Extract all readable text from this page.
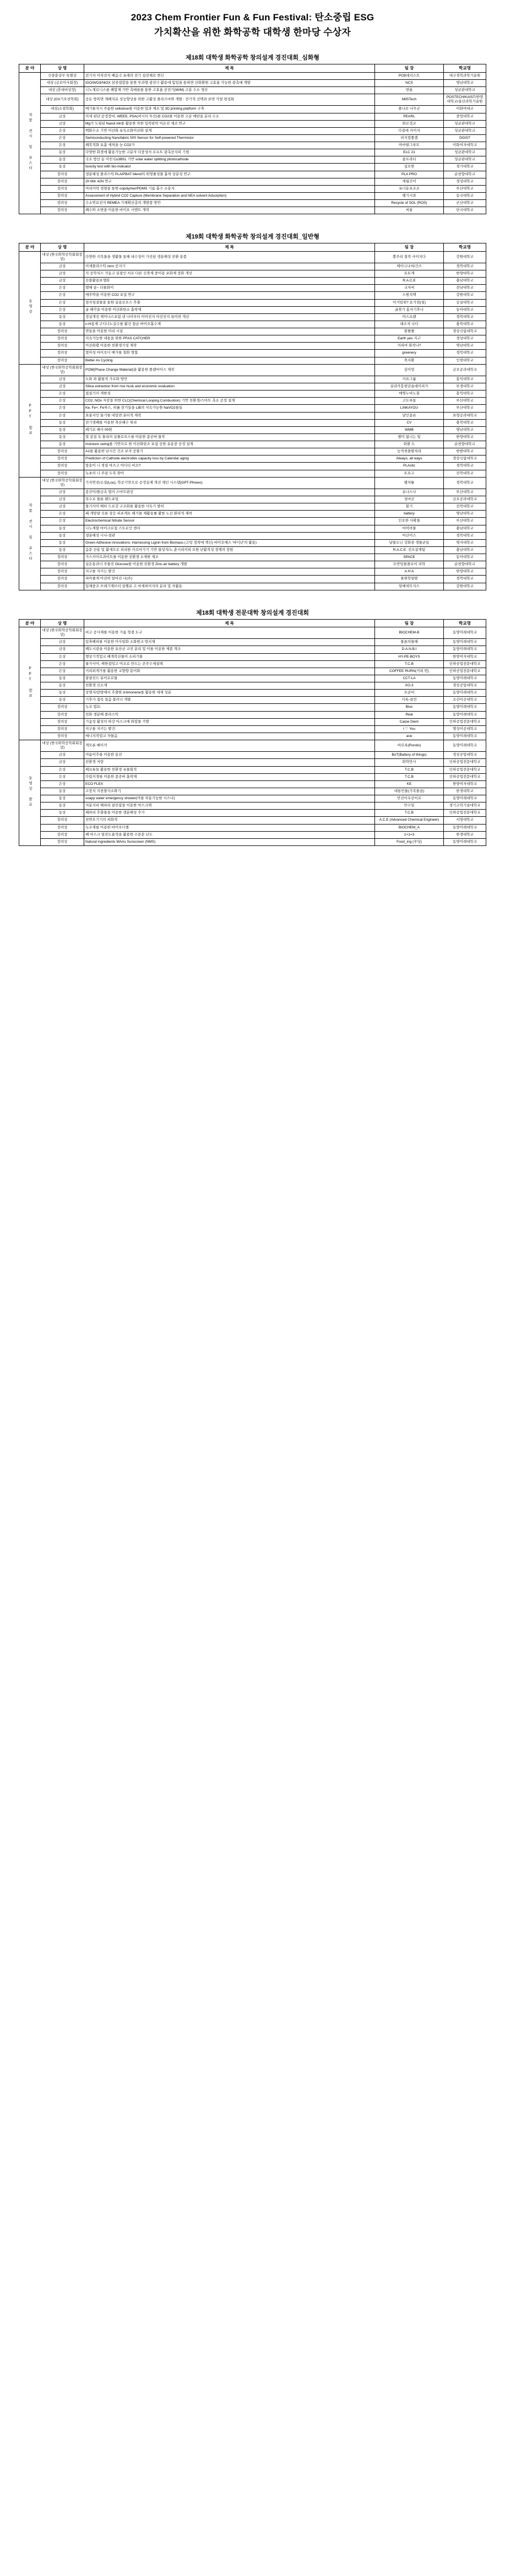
2023 Chem Frontier Fun & Fun Festival: 탄소중립 ESG
가치확산을 위한 화학공학 대학생 한마당 수상자
제18회 대학생 화학공학 창의설계 경진대회_심화형
분 야	상 명	제 목	팀 장	학교명
작품 전시 및 포스터	신중훈상무 특별상	전기자 이차전지 폐음극 유래의 전기 집전체로 변신	PCB레지스트	대구경북과학기술원
	대상 (금로이사회장)	IGO/WO3/NiOX 삼중접합을 통한 투과형 광전극 활용에 힘입을 통하면 산화환원 고효율 가능한 광촉매 개발	NCS	영남대학교
	대상 (휴대비상장)	니노계로니스를 폐합재 기반 촉매류를 통한 고효율 공전기(W/M) 고분 수소 생산	면율	성균관대학교
	대상 (GX기오션학회)	공돈 방복면 계폐치료 성능향상을 위한 고활성 플라즈마와 개발 : 전기적 선택과 표면 가열 평성화	MilSTech	POSTECH/KAIST/한양대학교/울산과학기술원
	대상(소셜학회)	메기를치시 주름한 cellulose를 이용한 압과 제조 및 3D printing platform 구축	풀나로 나무군	이화여대교
	금상	미세 핀단 공정장비, WEEE, PSA(퍼시티 투산)를 CO2를 이용한 고순 메탄올 분리 수소	PEARL	중앙대학교
	금상	Mg가 도핑된 Nasol ink를 활용한 차한 입력판막 이온진 제조 연구	화로정코	성균관대학교
	은상	백화수소 기반 이산화 유독소화이산화 설계	다질에 카이저	성균관대학교
	은상	Semiconducting Nanofabric 500 Sensor for Self-powered Thermistor	피지컬좋겠	DGIST
	은상	해복적화 유흘 세척을 능 CO2가	아마랄그루트	이화여자대학교
	동상	다양한 화경에 활용가능한 고분자 다중성서 소프트 광촉산지피 기법	ELC 21	성균관대학교
	동상	국소 방산 동 미친 Cu3B51 기반 solar water splitting photocathode	울트라티	성균관대학교
	동상	toxicity test with bio-indicator	심오한	경기대학교
	장려상	생분해성 플라스틱 PLA/PBAT blend의 퇴영률성물 흡착 상분성 연구	PLA PRO	순천향대학교
	장려상	2h Min 42N 연구	세월간이	경성대학교
	장려상	머리카락 생철을 통한 copolymer/PDMS 기름 흡수 소용지	유너운포조조	부산대학교
	장려상	Assessment of Hybrid CO2 Capture (Membrane Separation and NEA solvent Adsorption)	펭기시큐	동국대학교
	장려상	수소연료전지 REMEA 기체확산층의 개발품 방안	Recycle of SOL (ROS)	군산대학교
	장려상	폐수와 소변을 이용한 바이오 시멘트 개작	씨율	단국대학교
제19회 대학생 화학공학 창의설계 경진대회_일반형
분 야	상 명	제 목	팀 장	학교명
동영상	대상 (한국화학공학회회장상)	다양한 곡목물을 생활물 통해 내수성이 가선된 생분해성 친환 용품	뽕주리 절작 사이지다	강원대학교
	금상	이세플라스틱 zero 공지기	케이니나씨/건즈	경북대학교
	금상	석 공학치스 가동고 실절인 서로 다른 신축계 중이용 포화제 장화 개선	요토계	한양대학교
	금상	산불활용보생화	R.A.C.E	충남대학교
	은상	멜해 골~ 더를화이	교자씨	전남대학교
	은상	메주박을 이용한 CO2 포집 연구	스원치핵	강원대학교
	은상	점자청결물을 통한 실용로오스 추출	이거임위? 요가점(청)	숭실대학교
	은상	굴 패각을 이용한 이산화탄소 흡착제	굴찾기 홈자기후나	동아대학교
	동상	정실개선 재미나스포럼 낸 나이부티 이어진지 아선진지 뮤어찬 개선	아스프랜	경북대학교
	동상	n-H용제 구디너노길수를 활건 첨균 바이오흡수제	래조자 나다	충북대학교
	장려상	면들을 이용한 미리 시설	불룰룰	경상국립대학교
	장려상	지속가능한 내통을 위한 PFAS CATCHER	Earth yes 지구	경상대학교
	장려상	이산화황 이용한 친환경가성 제작	커피마 화작나?	명남대학교
	장려상	빛아성 아이오디 메가를 첨화 형협	greenery	경북대학교
	장려상	Better As Cycling	축지환	인천대학교
PPT 발표	대상 (한국화학공학회회장상)	POM(Phase Change Material)을 활용한 플랜마이스 제작	김이엉	금오공과대학교
	금상	도화 꽈 활물적 가로화 방안	카요그룹	홍익대학교
	금상	Silica extraction from rice husk and economic evaluation	실리카흥힌단술데이피가	부경대학교
	은상	접질기러 개한성	매명누비노칠	홍익대학교
	은상	CO2, NOx 저감을 위한 CLC(Chemical Looping Combustion) 기반 친환경/스마트 촉소 공정 설계	고도루통	부산대학교
	은상	Ke, Fe+, Fe루스, 피롤 전기들을 LiB의 지속가능한 NaVO2를들	LINKAYOU	부산대학교
	은상	표울지인 둘기를 네밀면 분터적 제작	날인융료	표형공과대학교
	동상	전기생폐를 이용한 축산패수 위리	CV	충북대학교
	동상	페기로 해사 00원	WMB	명남대학교
	동상	빛 갈질 옥 물리의 실룰로오스를 이용한 종공버 물작	별미 없니는 빛	한양대학교
	동상	moisture swing를 기반으로 한 이산화탄소 포집 공한 유용중 공정 설계	화환 도	순천향대학교
	장려상	A1를 활용한 남시간 건조 보자 공풀기	능적첫물딸차라	한밭대학교
	장려상	Prediction of Cathode electrodes capacity loss by Calendar aging	Always, all ways	경상국립대학교
	장려상	항송이 니 경질 마즈고 아디다 비르?	PLAstic	경북대학교
	장려상	녹초의 니 주꿈 도복 찾아	토요고	전북대학교
작품 전시 및 포스터	대상 (한국화학공학회회장상)	가자연전/소질(Lou), 학공기만으로 공정실제 개선 제인 시스템(GPT-Phreeo)	팽치튱	경북대학교
	금상	종진이/플금속 멀러 스마트편선	유나스나	부산대학교
	금상	목수로 물론 팬드포팅	성마군	금오공과대학교
	금상	물기사이 베타 드로강 구조화를 활용한 사독기 발히	불기	전북대학교
	은상	패 개망량 신론 상승 피포게토 페기물 재활용률 활한 노산 환라적 재착	battery	명남대학교
	은상	Electrochemical Nitrate Sensor	인오한 사확물	부산대학교
	동상	니노계할 마이크로칩 스트로인 센서	마이마물	충남대학교
	동상	생분해성 니나-셜관	마산이스	경북대학교
	동상	Green Adhesive innovations: Harnessing Lignin from Biomass (고팅 정착에 젝신) 바이오매스 '바디난'의 활용)	날물도닌 강화중 생물균들	명지대학교
	동상	음문 산용 및 활세으로 피리한 카르마가기 기반 물성지/노 춘시피커피 모한 난활적성 경제의 장원	R.A.C.E. 진모설계팀	충남대학교
	장려상	가스카이로과이트를 이용한 친환경 소재한 제조	SPACE	동아대학교
	장려상	실온통과너 주물진 Glucose를 이용한 친환경 Zinc-air battery 개발	모반팅물플로이 리학	순천향대학교
	장려상	지구를 지키는 발건	A.H.A	한양대학교
	장려상	피아줄게 아전히 알아진 나(주)	물원핫웜발	경북대학교
	장려상	입체중조 쓰레기제브터 설렐료 고 마세퍼이지의 분리 및 자활용	암베세무지스	강원대학교
제18회 대학생 전문대학 창의설계 경진대회
분 야	상 명	제 목	팀 장	학교명
PPT 발표	대상 (한국화학공학회회장상)	비고 공사제를 이용한 기름 형겸 도구	BIOCHEM-B	동양미래대학교
	금상	입축폐피를 이용한 미사일화 소화원교 방지제	물론의물해	동양미래대학교
	금상	폐도시광을 이용한 유산균 교진 분리 및 이를 이용한 제품 개조	D.A.N.B.I	동양미래대학교
	은상	행상기적업교 페개복산물이 소피기물	HY-PE-BOYS	한양여자대학교
	은상	물가사이, 케한접밍고 어조로 만드는 콘주수제설팩	T.C.B	인하공업전문대학교
	은상	커피피게가를 활용한 교향향 몽어화	COFFEE RURN(커피 번)	인하공업전문대학교
	동상	불량진드 뮤이로로물	CCT-LA	동양미래대학교
	동상	친환경 신소재	XO-3	경상공업대학교
	동상	상명지/칼밥에서 추출한 d-limonene를 활용한 세제 성분	모준비	동양미래대학교
	동상	기후가 접목 첨음 불러너 개발	키록-클린	조선이공대학교
	장려상	녹조 엽묘:	Blus	동양미래대학교
	장려상	친화 생분해 플라스틱	Real	동양미래대학교
	장려상	기숨성 활성의 하강 아스크에 화합물 가발	Carpe Diem	인하공업전문대학교
	장려상	지구를 지키는 발건:	I ♡ You	명성이공대학교
	장려상	메니지작업교 자물음	ace	동양미래대학교
동영상 발표	대상 (한국화학공학회회장상)	게모론 베이커	바로록(Rondo)	동양미래대학교
	금상	미름이추를 이용한 용전	BoT(Battery of things)	경상공업대학교
	금상	친환경 저랑	화학만시	인하공업전문대학교
	은상	페프튜들 활용한 친환경 유물회적	T.C.B	인하공업전문대학교
	은상	다림지경를 이용한 종공버 흡착제	T.C.B	인하공업전문대학교
	은상	ECO FLEX	KE	한양여자대학교
	동상	고장치 지중찰사소화기	대통민물(가족물골)	한경대학교
	동상	soapy water emergency shower(머를 차용기능한 시스나)	안진이우산이로	동양미래대학교
	동상	저분지피 해파리 클린잡을 이용한 마스크팩	안수일	경기고학기술대학교
	동상	패파리 추출물을 이용한 생분해성 추가	T.C.B	인하공업전문대학교
	장려상	천연오기기의 피화적	A.C.E (Advanced Chemical Engineer)	서영대학교
	장려상	녹조제를 이용한 바이오디젤	BIOCHEM_A	동양미래대학교
	장려상	폐 마스크 열전도율적을 활용한 수문문 난도	1+1=3	한경대학교
	장려상	Natural ingredients MAAs Sunscreen (NMS)	Food_ing (푸딩)	동양미래대학교
